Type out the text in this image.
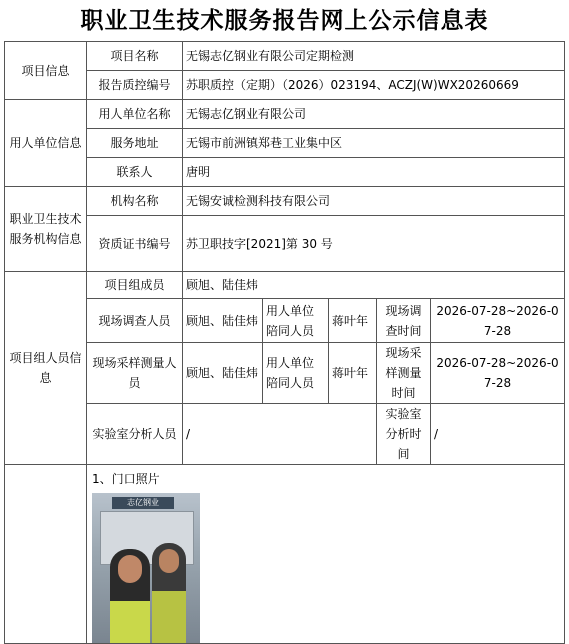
职业卫生技术服务报告网上公示信息表
项目信息	项目名称	无锡志亿钢业有限公司定期检测				
	报告质控编号	苏职质控（定期）（2026）023194、ACZJ(W)WX20260669				
用人单位信息	用人单位名称	无锡志亿钢业有限公司				
	服务地址	无锡市前洲镇郑巷工业集中区				
	联系人	唐明				
职业卫生技术服务机构信息	机构名称	无锡安诚检测科技有限公司				
	资质证书编号	苏卫职技字[2021]第 30 号				
项目组人员信息	项目组成员	顾旭、陆佳炜				
	现场调查人员	顾旭、陆佳炜	用人单位陪同人员	蒋叶年	现场调查时间	2026-07-28~2026-07-28
	现场采样测量人员	顾旭、陆佳炜	用人单位陪同人员	蒋叶年	现场采样测量时间	2026-07-28~2026-07-28
	实验室分析人员	/			实验室分析时间	/

	1、门口照片
志亿钢业					
